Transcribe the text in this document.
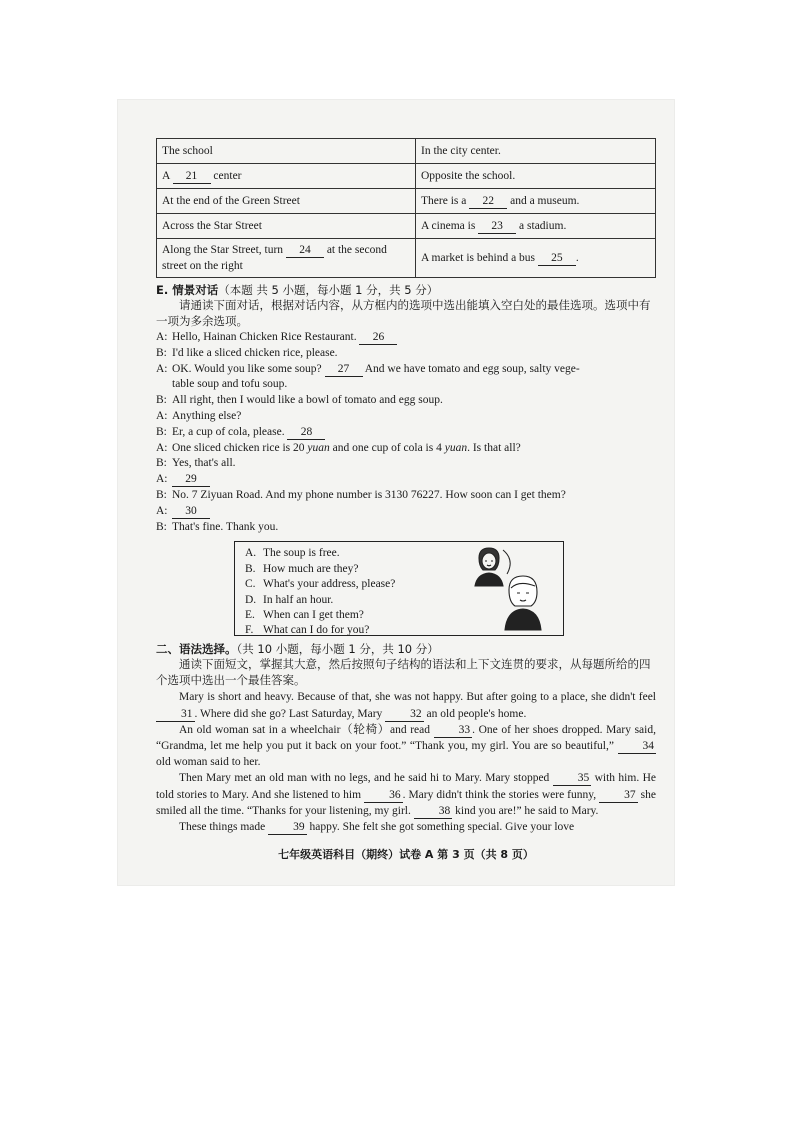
The school	In the city center.
A 21 center	Opposite the school.
At the end of the Green Street	There is a 22 and a museum.
Across the Star Street	A cinema is 23 a stadium.
Along the Star Street, turn 24 at the second street on the right	A market is behind a bus 25 .
E. 情景对话（本题 共 5 小题，每小题 1 分，共 5 分）
请通读下面对话，根据对话内容，从方框内的选项中选出能填入空白处的最佳选项。选项中有一项为多余选项。
A: Hello, Hainan Chicken Rice Restaurant. 26
B: I'd like a sliced chicken rice, please.
A: OK. Would you like some soup? 27 And we have tomato and egg soup, salty vege-
table soup and tofu soup.
B: All right, then I would like a bowl of tomato and egg soup.
A: Anything else?
B: Er, a cup of cola, please. 28
A: One sliced chicken rice is 20 yuan and one cup of cola is 4 yuan. Is that all?
B: Yes, that's all.
A: 29
B: No. 7 Ziyuan Road. And my phone number is 3130 76227. How soon can I get them?
A: 30
B: That's fine. Thank you.
A. The soup is free.
B. How much are they?
C. What's your address, please?
D. In half an hour.
E. When can I get them?
F. What can I do for you?
二、语法选择。（共 10 小题，每小题 1 分，共 10 分）
通读下面短文，掌握其大意，然后按照句子结构的语法和上下文连贯的要求，从每题所给的四个选项中选出一个最佳答案。
Mary is short and heavy. Because of that, she was not happy. But after going to a place, she didn't feel 31 . Where did she go? Last Saturday, Mary 32 an old people's home.
An old woman sat in a wheelchair（轮椅）and read 33 . One of her shoes dropped. Mary said, “Grandma, let me help you put it back on your foot.” “Thank you, my girl. You are so beautiful,” 34 old woman said to her.
Then Mary met an old man with no legs, and he said hi to Mary. Mary stopped 35 with him. He told stories to Mary. And she listened to him 36 . Mary didn't think the stories were funny, 37 she smiled all the time. “Thanks for your listening, my girl. 38 kind you are!” he said to Mary.
These things made 39 happy. She felt she got something special. Give your love
七年级英语科目（期终）试卷 A 第 3 页（共 8 页）
